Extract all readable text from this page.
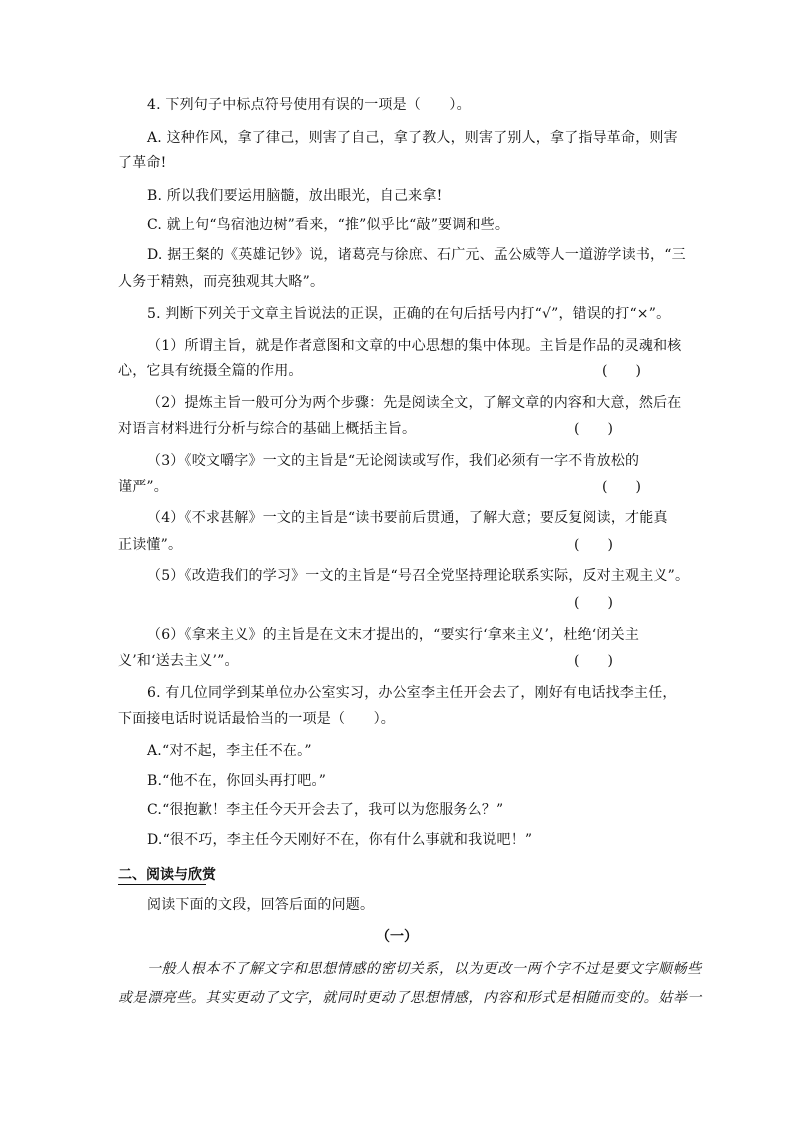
4. 下列句子中标点符号使用有误的一项是（　　）。
A. 这种作风，拿了律己，则害了自己，拿了教人，则害了别人，拿了指导革命，则害
了革命!
B. 所以我们要运用脑髓，放出眼光，自己来拿!
C. 就上句“鸟宿池边树”看来，“推”似乎比“敲”要调和些。
D. 据王粲的《英雄记钞》说，诸葛亮与徐庶、石广元、孟公威等人一道游学读书，“三
人务于精熟，而亮独观其大略”。
5. 判断下列关于文章主旨说法的正误，正确的在句后括号内打“√”，错误的打“×”。
（1）所谓主旨，就是作者意图和文章的中心思想的集中体现。主旨是作品的灵魂和核
心，它具有统摄全篇的作用。	(　　)
（2）提炼主旨一般可分为两个步骤：先是阅读全文，了解文章的内容和大意，然后在
对语言材料进行分析与综合的基础上概括主旨。	(　　)
（3）《咬文嚼字》一文的主旨是“无论阅读或写作，我们必须有一字不肯放松的
谨严”。	(　　)
（4）《不求甚解》一文的主旨是“读书要前后贯通，了解大意；要反复阅读，才能真
正读懂”。	(　　)
（5）《改造我们的学习》一文的主旨是“号召全党坚持理论联系实际，反对主观主义”。
(　　)
（6）《拿来主义》的主旨是在文末才提出的，“要实行‘拿来主义’，杜绝‘闭关主
义’和‘送去主义’”。	(　　)
6. 有几位同学到某单位办公室实习，办公室李主任开会去了，刚好有电话找李主任，
下面接电话时说话最恰当的一项是（　　）。
A.“对不起，李主任不在。”
B.“他不在，你回头再打吧。”
C.“很抱歉！李主任今天开会去了，我可以为您服务么？”
D.“很不巧，李主任今天刚好不在，你有什么事就和我说吧！”
二、阅读与欣赏
阅读下面的文段，回答后面的问题。
（一）
一般人根本不了解文字和思想情感的密切关系，以为更改一两个字不过是要文字顺畅些
或是漂亮些。其实更动了文字，就同时更动了思想情感，内容和形式是相随而变的。姑举一
